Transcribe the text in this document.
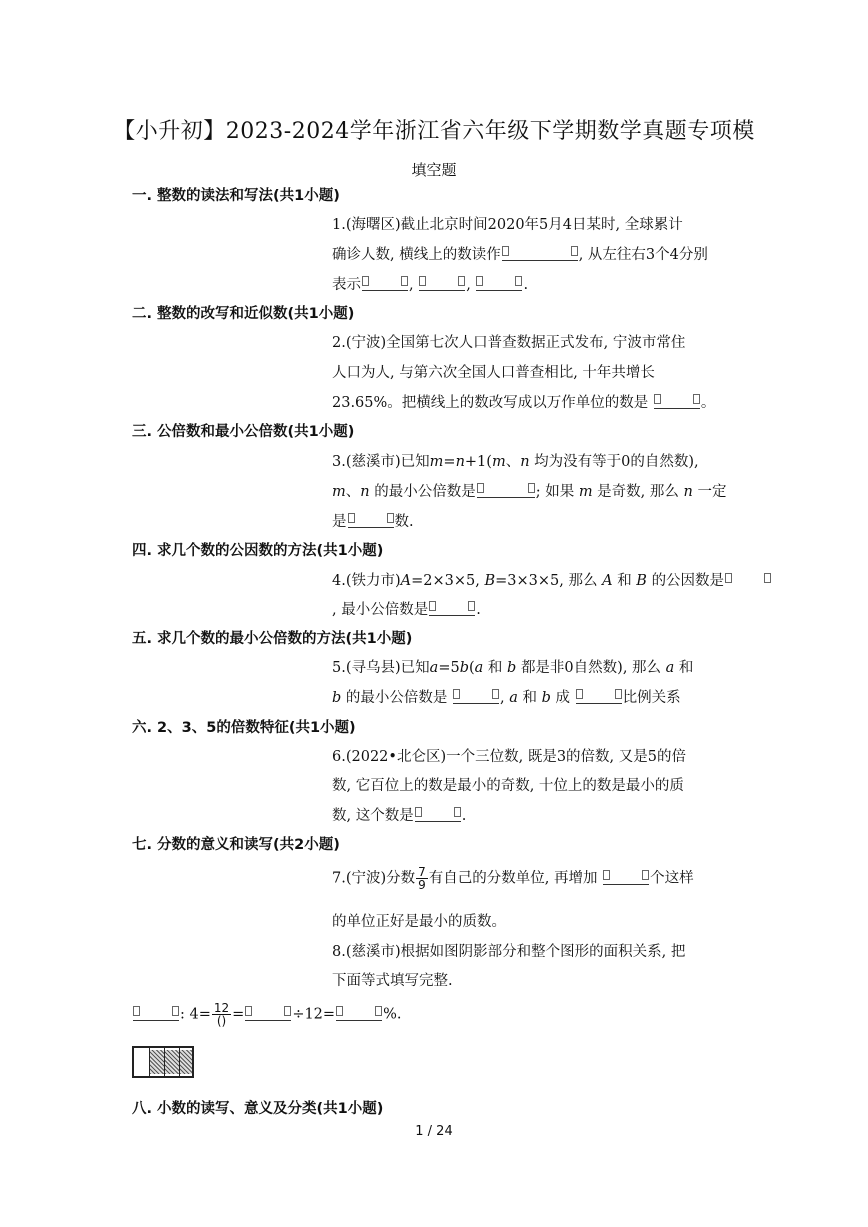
【小升初】2023-2024学年浙江省六年级下学期数学真题专项模
填空题
一. 整数的读法和写法(共1小题)
1.(海曙区)截止北京时间2020年5月4日某时, 全球累计
确诊人数, 横线上的数读作	, 从左往右3个4分别
表示	,	,	.
二. 整数的改写和近似数(共1小题)
2.(宁波)全国第七次人口普查数据正式发布, 宁波市常住
人口为人, 与第六次全国人口普查相比, 十年共增长
23.65%。把横线上的数改写成以万作单位的数是	。
三. 公倍数和最小公倍数(共1小题)
3.(慈溪市)已知m=n+1(m、n 均为没有等于0的自然数),
m、n 的最小公倍数是	; 如果 m 是奇数, 那么 n 一定
是	数.
四. 求几个数的公因数的方法(共1小题)
4.(铁力市)A=2×3×5, B=3×3×5, 那么 A 和 B 的公因数是
, 最小公倍数是	.
五. 求几个数的最小公倍数的方法(共1小题)
5.(寻乌县)已知a=5b(a 和 b 都是非0自然数), 那么 a 和
b 的最小公倍数是	, a 和 b 成	比例关系
六. 2、3、5的倍数特征(共1小题)
6.(2022•北仑区)一个三位数, 既是3的倍数, 又是5的倍
数, 它百位上的数是最小的奇数, 十位上的数是最小的质
数, 这个数是	.
七. 分数的意义和读写(共2小题)
7.(宁波)分数 $\frac{7}{9}$ 有自己的分数单位, 再增加	个这样
的单位正好是最小的质数。
8.(慈溪市)根据如图阴影部分和整个图形的面积关系, 把
下面等式填写完整.
: $4= \frac{12}{()}$ =	÷12=	%.
八. 小数的读写、意义及分类(共1小题)
1 / 24
